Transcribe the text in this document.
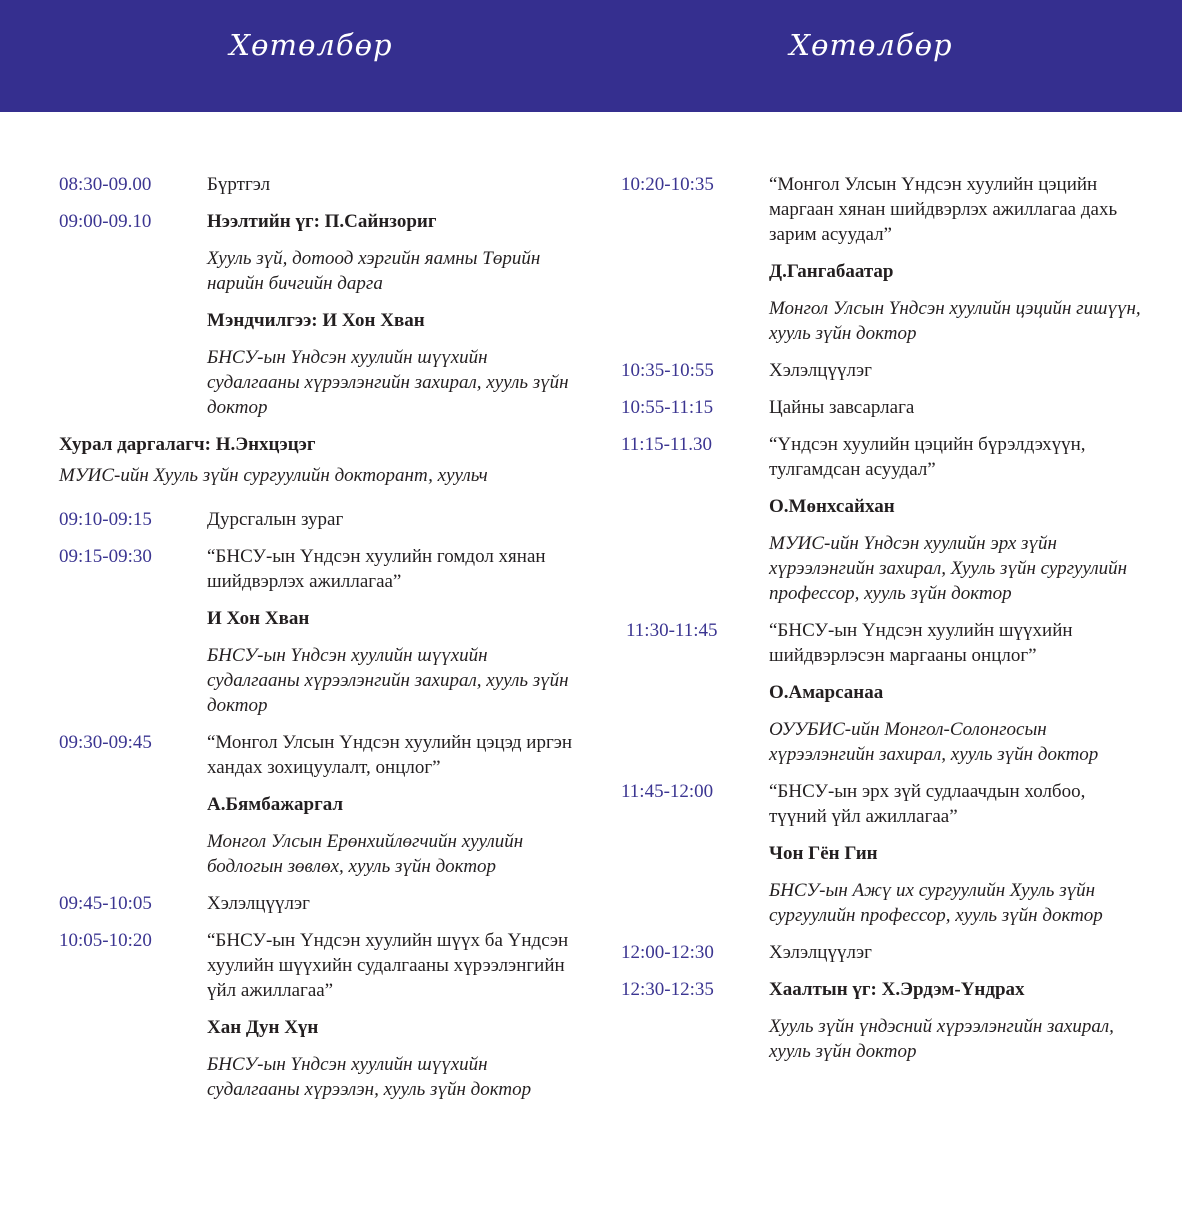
Хөтөлбөр	Хөтөлбөр
08:30-09.00	Бүртгэл

09:00-09.10	Нээлтийн үг: П.Сайнзориг

Хууль зүй, дотоод хэргийн яамны Төрийн нарийн бичгийн дарга

Мэндчилгээ: И Хон Хван

БНСУ-ын Үндсэн хуулийн шүүхийн судалгааны хүрээлэнгийн захирал, хууль зүйн доктор

Хурал даргалагч: Н.Энхцэцэг

МУИС-ийн Хууль зүйн сургуулийн докторант, хуульч

09:10-09:15	Дурсгалын зураг

09:15-09:30	“БНСУ-ын Үндсэн хуулийн гомдол хянан шийдвэрлэх ажиллагаа”

И Хон Хван

БНСУ-ын Үндсэн хуулийн шүүхийн судалгааны хүрээлэнгийн захирал, хууль зүйн доктор

09:30-09:45	“Монгол Улсын Үндсэн хуулийн цэцэд иргэн хандах зохицуулалт, онцлог”

А.Бямбажаргал

Монгол Улсын Ерөнхийлөгчийн хуулийн бодлогын зөвлөх, хууль зүйн доктор

09:45-10:05	Хэлэлцүүлэг

10:05-10:20	“БНСУ-ын Үндсэн хуулийн шүүх ба Үндсэн хуулийн шүүхийн судалгааны хүрээлэнгийн үйл ажиллагаа”

Хан Дун Хүн

БНСУ-ын Үндсэн хуулийн шүүхийн судалгааны хүрээлэн, хууль зүйн доктор

10:20-10:35	“Монгол Улсын Үндсэн хуулийн цэцийн маргаан хянан шийдвэрлэх ажиллагаа дахь зарим асуудал”

Д.Гангабаатар

Монгол Улсын Үндсэн хуулийн цэцийн гишүүн, хууль зүйн доктор

10:35-10:55	Хэлэлцүүлэг

10:55-11:15	Цайны завсарлага

11:15-11.30	“Үндсэн хуулийн цэцийн бүрэлдэхүүн, тулгамдсан асуудал”

О.Мөнхсайхан

МУИС-ийн Үндсэн хуулийн эрх зүйн хүрээлэнгийн захирал, Хууль зүйн сургуулийн профессор, хууль зүйн доктор

11:30-11:45	“БНСУ-ын Үндсэн хуулийн шүүхийн шийдвэрлэсэн маргааны онцлог”

О.Амарсанаа

ОУУБИС-ийн Монгол-Солонгосын хүрээлэнгийн захирал, хууль зүйн доктор

11:45-12:00	“БНСУ-ын эрх зүй судлаачдын холбоо, түүний үйл ажиллагаа”

Чон Гён Гин

БНСУ-ын Ажү их сургуулийн Хууль зүйн сургуулийн профессор, хууль зүйн доктор

12:00-12:30	Хэлэлцүүлэг

12:30-12:35	Хаалтын үг: Х.Эрдэм-Үндрах

Хууль зүйн үндэсний хүрээлэнгийн захирал, хууль зүйн доктор
